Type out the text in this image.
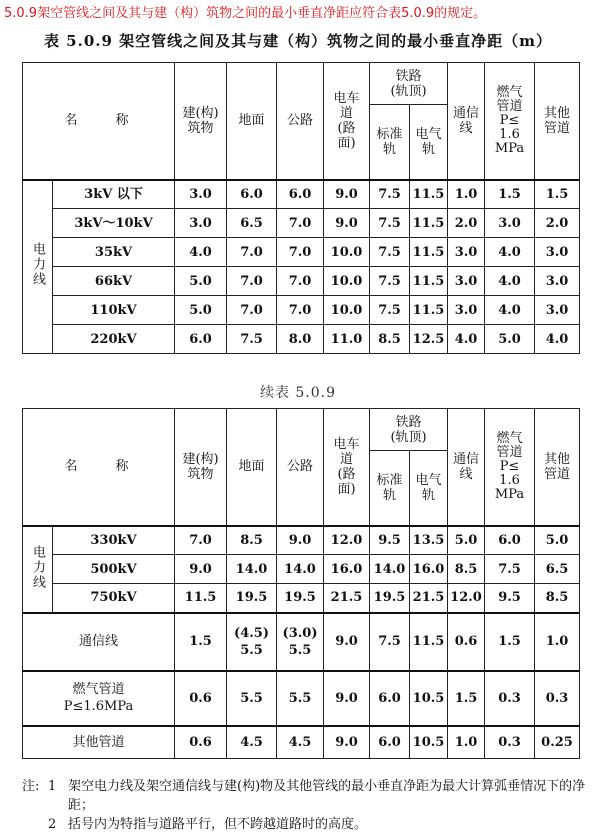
5.0.9架空管线之间及其与建（构）筑物之间的最小垂直净距应符合表5.0.9的规定。
表 5.0.9 架空管线之间及其与建（构）筑物之间的最小垂直净距（m）
名　　称		建(构)
筑物	地面	公路	电车
道
(路
面)	铁路
(轨顶)		通信
线	燃气
管道
P≤
1.6
MPa	其他
管道
						标准
轨	电气
轨			
电力线	3kV 以下	3.0	6.0	6.0	9.0	7.5	11.5	1.0	1.5	1.5
	3kV～10kV	3.0	6.5	7.0	9.0	7.5	11.5	2.0	3.0	2.0
	35kV	4.0	7.0	7.0	10.0	7.5	11.5	3.0	4.0	3.0
	66kV	5.0	7.0	7.0	10.0	7.5	11.5	3.0	4.0	3.0
	110kV	5.0	7.0	7.0	10.0	7.5	11.5	3.0	4.0	3.0
	220kV	6.0	7.5	8.0	11.0	8.5	12.5	4.0	5.0	4.0
续表 5.0.9
名　　称		建(构)
筑物	地面	公路	电车
道
(路
面)	铁路
(轨顶)		通信
线	燃气
管道
P≤
1.6
MPa	其他
管道
						标准
轨	电气
轨			
电力线	330kV	7.0	8.5	9.0	12.0	9.5	13.5	5.0	6.0	5.0
	500kV	9.0	14.0	14.0	16.0	14.0	16.0	8.5	7.5	6.5
	750kV	11.5	19.5	19.5	21.5	19.5	21.5	12.0	9.5	8.5
通信线		1.5	(4.5)
5.5	(3.0)
5.5	9.0	7.5	11.5	0.6	1.5	1.0
燃气管道
P≤1.6MPa		0.6	5.5	5.5	9.0	6.0	10.5	1.5	0.3	0.3
其他管道		0.6	4.5	4.5	9.0	6.0	10.5	1.0	0.3	0.25
注: 1 架空电力线及架空通信线与建(构)物及其他管线的最小垂直净距为最大计算弧垂情况下的净距；
2 括号内为特指与道路平行，但不跨越道路时的高度。
